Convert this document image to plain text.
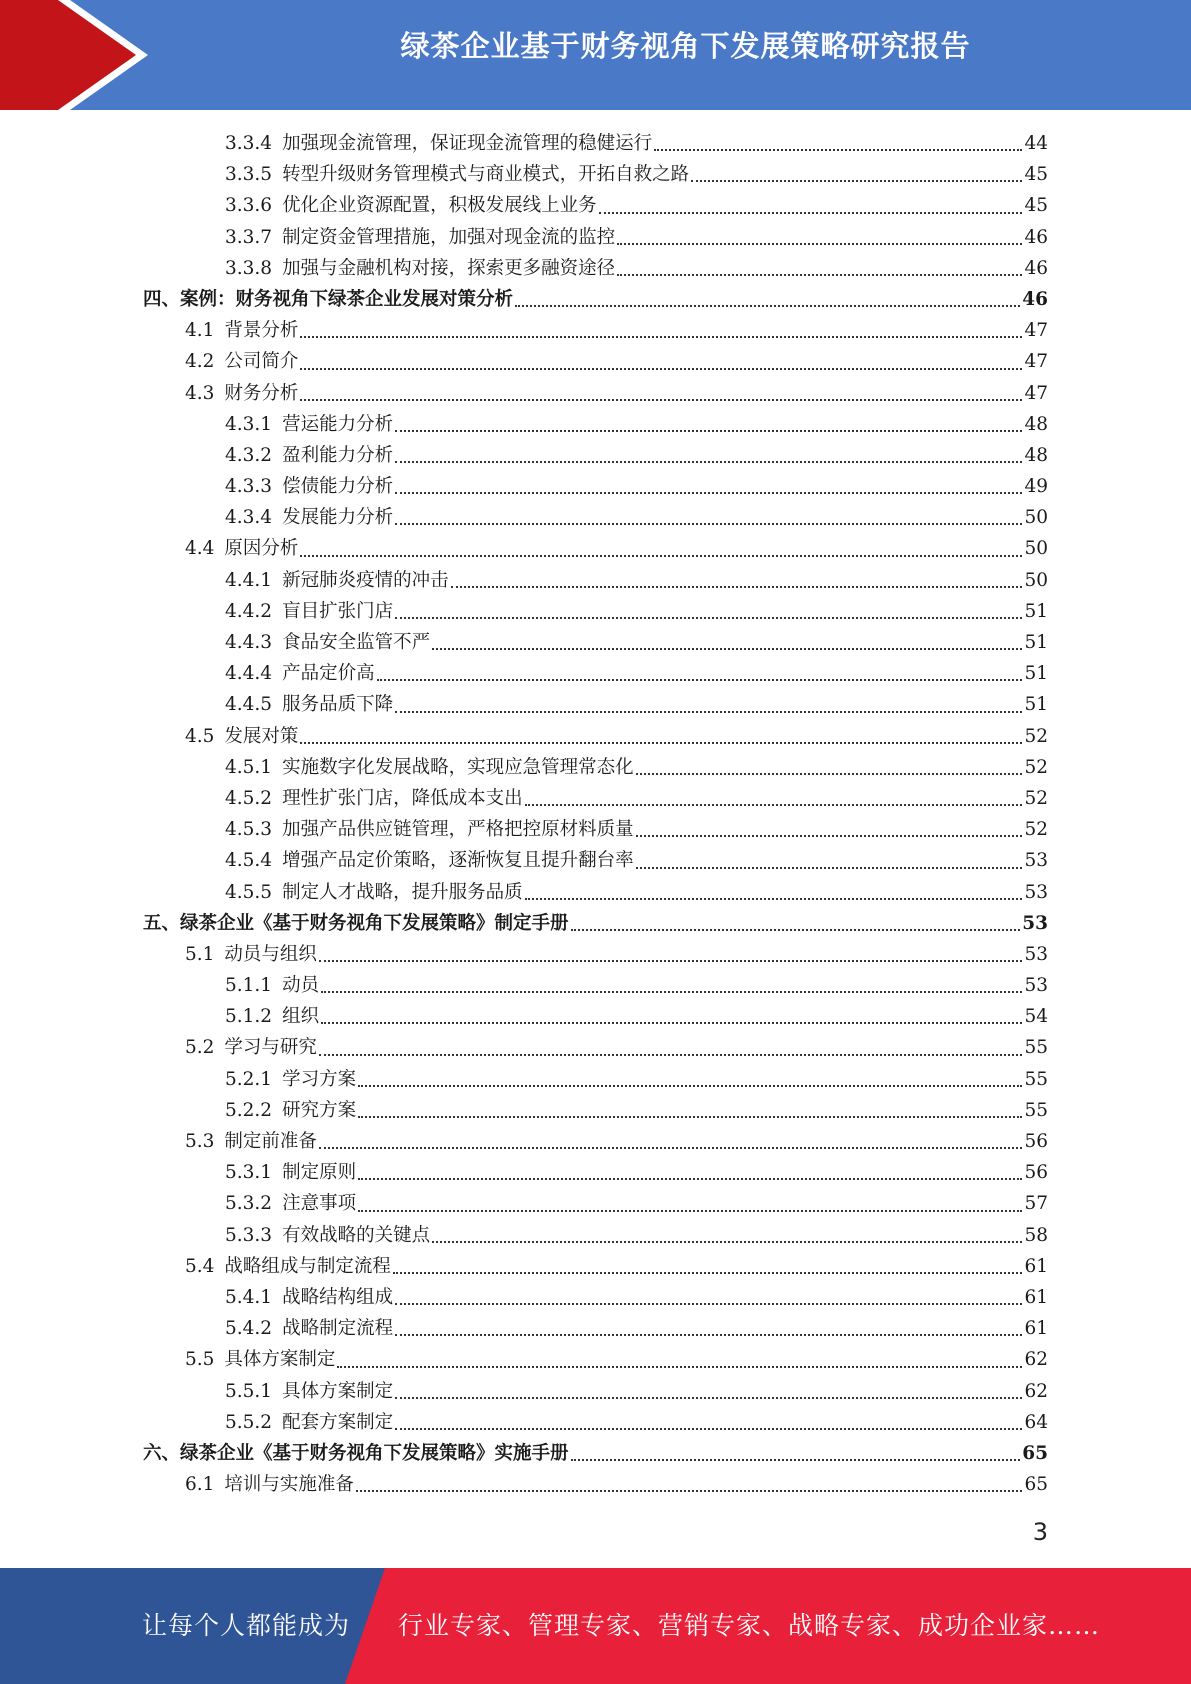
绿茶企业基于财务视角下发展策略研究报告
3.3.4 加强现金流管理，保证现金流管理的稳健运行	44
3.3.5 转型升级财务管理模式与商业模式，开拓自救之路	45
3.3.6 优化企业资源配置，积极发展线上业务	45
3.3.7 制定资金管理措施，加强对现金流的监控	46
3.3.8 加强与金融机构对接，探索更多融资途径	46
四、 案例：财务视角下绿茶企业发展对策分析	46
4.1 背景分析	47
4.2 公司简介	47
4.3 财务分析	47
4.3.1 营运能力分析	48
4.3.2 盈利能力分析	48
4.3.3 偿债能力分析	49
4.3.4 发展能力分析	50
4.4 原因分析	50
4.4.1 新冠肺炎疫情的冲击	50
4.4.2 盲目扩张门店	51
4.4.3 食品安全监管不严	51
4.4.4 产品定价高	51
4.4.5 服务品质下降	51
4.5 发展对策	52
4.5.1 实施数字化发展战略，实现应急管理常态化	52
4.5.2 理性扩张门店，降低成本支出	52
4.5.3 加强产品供应链管理，严格把控原材料质量	52
4.5.4 增强产品定价策略，逐渐恢复且提升翻台率	53
4.5.5 制定人才战略，提升服务品质	53
五、 绿茶企业《基于财务视角下发展策略》制定手册	53
5.1 动员与组织	53
5.1.1 动员	53
5.1.2 组织	54
5.2 学习与研究	55
5.2.1 学习方案	55
5.2.2 研究方案	55
5.3 制定前准备	56
5.3.1 制定原则	56
5.3.2 注意事项	57
5.3.3 有效战略的关键点	58
5.4 战略组成与制定流程	61
5.4.1 战略结构组成	61
5.4.2 战略制定流程	61
5.5 具体方案制定	62
5.5.1 具体方案制定	62
5.5.2 配套方案制定	64
六、 绿茶企业《基于财务视角下发展策略》实施手册	65
6.1 培训与实施准备	65
3
让每个人都能成为 行业专家、管理专家、营销专家、战略专家、成功企业家……
